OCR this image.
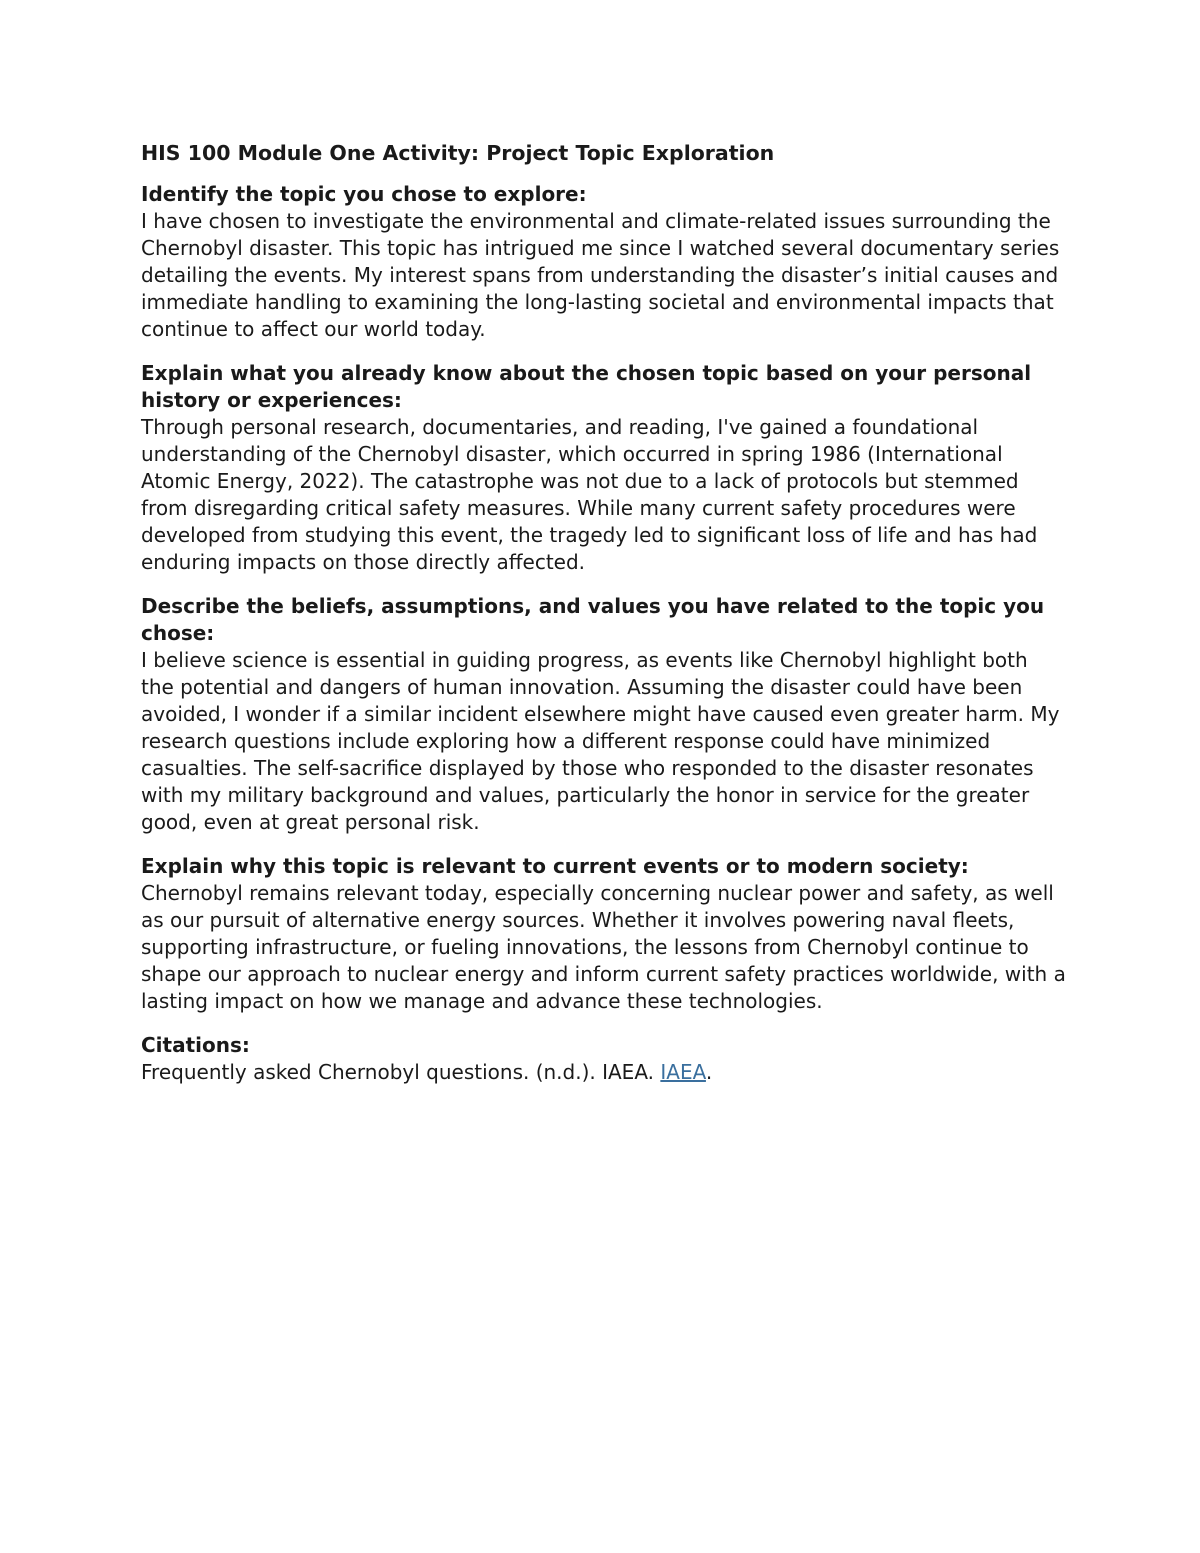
HIS 100 Module One Activity: Project Topic Exploration

Identify the topic you chose to explore:

I have chosen to investigate the environmental and climate-related issues surrounding the Chernobyl disaster. This topic has intrigued me since I watched several documentary series detailing the events. My interest spans from understanding the disaster’s initial causes and immediate handling to examining the long-lasting societal and environmental impacts that continue to affect our world today.

Explain what you already know about the chosen topic based on your personal history or experiences:

Through personal research, documentaries, and reading, I've gained a foundational understanding of the Chernobyl disaster, which occurred in spring 1986 (International Atomic Energy, 2022). The catastrophe was not due to a lack of protocols but stemmed from disregarding critical safety measures. While many current safety procedures were developed from studying this event, the tragedy led to significant loss of life and has had enduring impacts on those directly affected.

Describe the beliefs, assumptions, and values you have related to the topic you chose:

I believe science is essential in guiding progress, as events like Chernobyl highlight both the potential and dangers of human innovation. Assuming the disaster could have been avoided, I wonder if a similar incident elsewhere might have caused even greater harm. My research questions include exploring how a different response could have minimized casualties. The self-sacrifice displayed by those who responded to the disaster resonates with my military background and values, particularly the honor in service for the greater good, even at great personal risk.

Explain why this topic is relevant to current events or to modern society:

Chernobyl remains relevant today, especially concerning nuclear power and safety, as well as our pursuit of alternative energy sources. Whether it involves powering naval fleets, supporting infrastructure, or fueling innovations, the lessons from Chernobyl continue to shape our approach to nuclear energy and inform current safety practices worldwide, with a lasting impact on how we manage and advance these technologies.

Citations:

Frequently asked Chernobyl questions. (n.d.). IAEA. IAEA.
